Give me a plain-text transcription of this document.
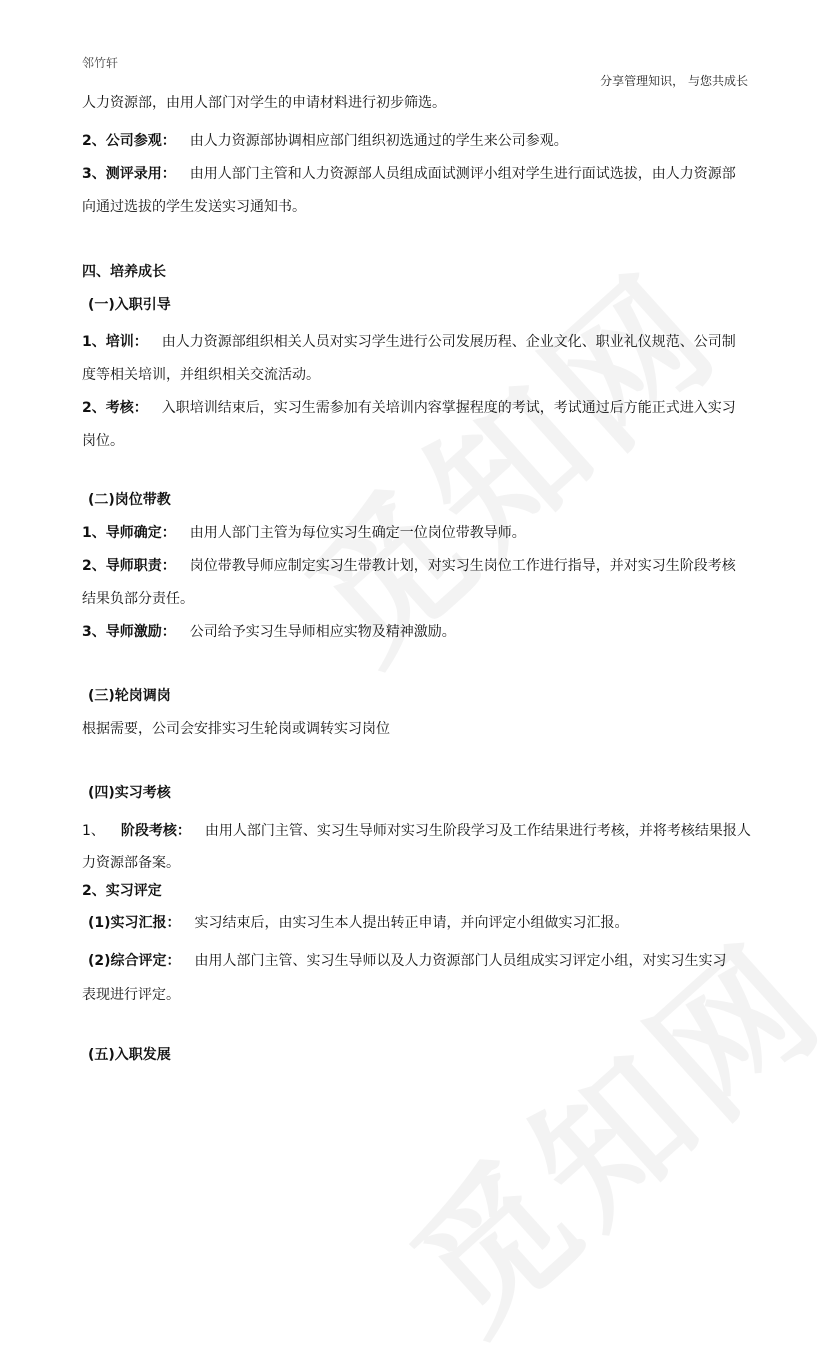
邻竹轩
分享管理知识， 与您共成长
人力资源部，由用人部门对学生的申请材料进行初步筛选。
2、公司参观： 由人力资源部协调相应部门组织初选通过的学生来公司参观。
3、测评录用： 由用人部门主管和人力资源部人员组成面试测评小组对学生进行面试选拔，由人力资源部
向通过选拔的学生发送实习通知书。
四、培养成长
(一)入职引导
1、培训： 由人力资源部组织相关人员对实习学生进行公司发展历程、企业文化、职业礼仪规范、公司制
度等相关培训，并组织相关交流活动。
2、考核： 入职培训结束后，实习生需参加有关培训内容掌握程度的考试，考试通过后方能正式进入实习
岗位。
(二)岗位带教
1、导师确定： 由用人部门主管为每位实习生确定一位岗位带教导师。
2、导师职责： 岗位带教导师应制定实习生带教计划，对实习生岗位工作进行指导，并对实习生阶段考核
结果负部分责任。
3、导师激励： 公司给予实习生导师相应实物及精神激励。
(三)轮岗调岗
根据需要，公司会安排实习生轮岗或调转实习岗位
(四)实习考核
1、 阶段考核： 由用人部门主管、实习生导师对实习生阶段学习及工作结果进行考核，并将考核结果报人
力资源部备案。
2、实习评定
(1)实习汇报： 实习结束后，由实习生本人提出转正申请，并向评定小组做实习汇报。
(2)综合评定： 由用人部门主管、实习生导师以及人力资源部门人员组成实习评定小组，对实习生实习
表现进行评定。
(五)入职发展
